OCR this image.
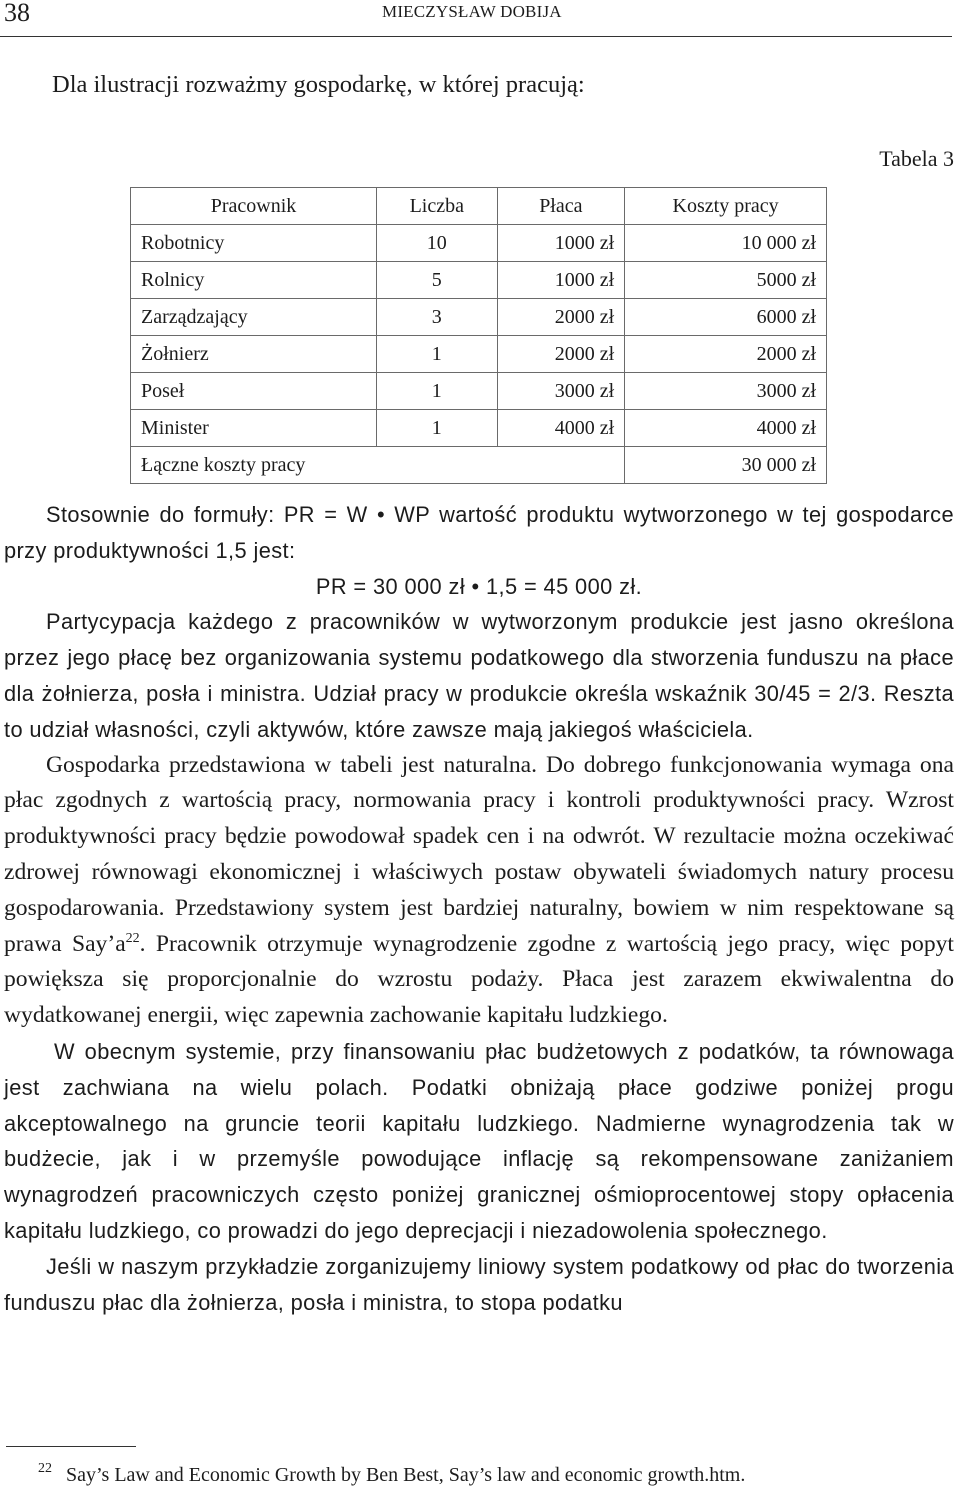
38	MIECZYSŁAW DOBIJA
Dla ilustracji rozważmy gospodarkę, w której pracują:
Tabela 3
Pracownik	Liczba	Płaca	Koszty pracy
Robotnicy	10	1000 zł	10 000 zł
Rolnicy	5	1000 zł	5000 zł
Zarządzający	3	2000 zł	6000 zł
Żołnierz	1	2000 zł	2000 zł
Poseł	1	3000 zł	3000 zł
Minister	1	4000 zł	4000 zł
Łączne koszty pracy			30 000 zł

Stosownie do formuły: PR = W • WP wartość produktu wytworzonego w tej gospodarce przy produktywności 1,5 jest:

PR = 30 000 zł • 1,5 = 45 000 zł.

Partycypacja każdego z pracowników w wytworzonym produkcie jest jasno określona przez jego płacę bez organizowania systemu podatkowego dla stworzenia funduszu na płace dla żołnierza, posła i ministra. Udział pracy w produkcie określa wskaźnik 30/45 = 2/3. Reszta to udział własności, czyli aktywów, które zawsze mają jakiegoś właściciela.

Gospodarka przedstawiona w tabeli jest naturalna. Do dobrego funkcjonowania wymaga ona płac zgodnych z wartością pracy, normowania pracy i kontroli produktywności pracy. Wzrost produktywności pracy będzie powodował spadek cen i na odwrót. W rezultacie można oczekiwać zdrowej równowagi ekonomicznej i właściwych postaw obywateli świadomych natury procesu gospodarowania. Przedstawiony system jest bardziej naturalny, bowiem w nim respektowane są prawa $Say’a^{22}$. Pracownik otrzymuje wynagrodzenie zgodne z wartością jego pracy, więc popyt powiększa się proporcjonalnie do wzrostu podaży. Płaca jest zarazem ekwiwalentna do wydatkowanej energii, więc zapewnia zachowanie kapitału ludzkiego.

W obecnym systemie, przy finansowaniu płac budżetowych z podatków, ta równowaga jest zachwiana na wielu polach. Podatki obniżają płace godziwe poniżej progu akceptowalnego na gruncie teorii kapitału ludzkiego. Nadmierne wynagrodzenia tak w budżecie, jak i w przemyśle powodujące inflację są rekompensowane zaniżaniem wynagrodzeń pracowniczych często poniżej granicznej ośmioprocentowej stopy opłacenia kapitału ludzkiego, co prowadzi do jego deprecjacji i niezadowolenia społecznego.

Jeśli w naszym przykładzie zorganizujemy liniowy system podatkowy od płac do tworzenia funduszu płac dla żołnierza, posła i ministra, to stopa podatku

$^{22}$ Say’s Law and Economic Growth by Ben Best, Say’s law and economic growth.htm.
